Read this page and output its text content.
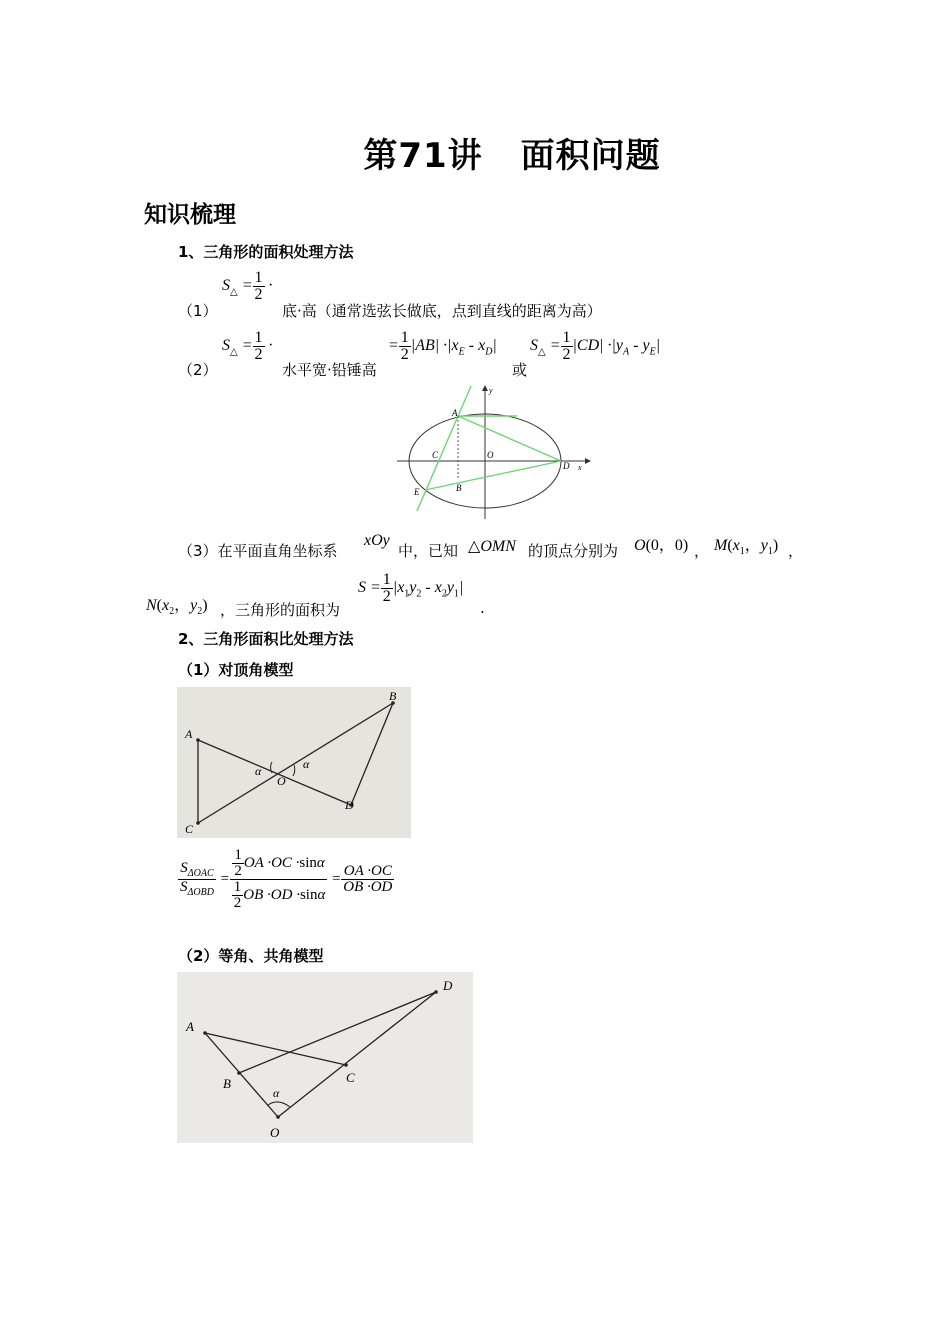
第71讲 面积问题
知识梳理
1、三角形的面积处理方法
（1）
$S_\triangle = \frac{1}{2}$ ·
底·高（通常选弦长做底，点到直线的距离为高）
（2）
$S_\triangle = \frac{1}{2}$ ·
水平宽·铅锤高
= $\frac{1}{2} |AB| \cdot|x_E - x_D|$
或
$S_\triangle = \frac{1}{2} |CD| \cdot|y_A - y_E|$
A
B
C
D
E
O
x
y
（3）在平面直角坐标系
xOy
中，已知 △OMN 的顶点分别为 O(0，0) ， $M(x_1$，$y_1$) ，
$N(x_2$，$y_2$) ，三角形的面积为
$S = \frac{1}{2} |x_1y_2 - x_2y_1|$
.
2、三角形面积比处理方法
（1）对顶角模型
A
B
C
D
O
α	α
$\frac{S_{\Delta OAC}}{S_{\Delta OBD}} = \frac{\frac{1}{2} OA \cdot OC \cdot\sin\alpha}{\frac{1}{2} OB \cdot OD \cdot\sin\alpha} = \frac{OA \cdot OC}{OB \cdot OD}$
（2）等角、共角模型
A
B	C
D
O
α
